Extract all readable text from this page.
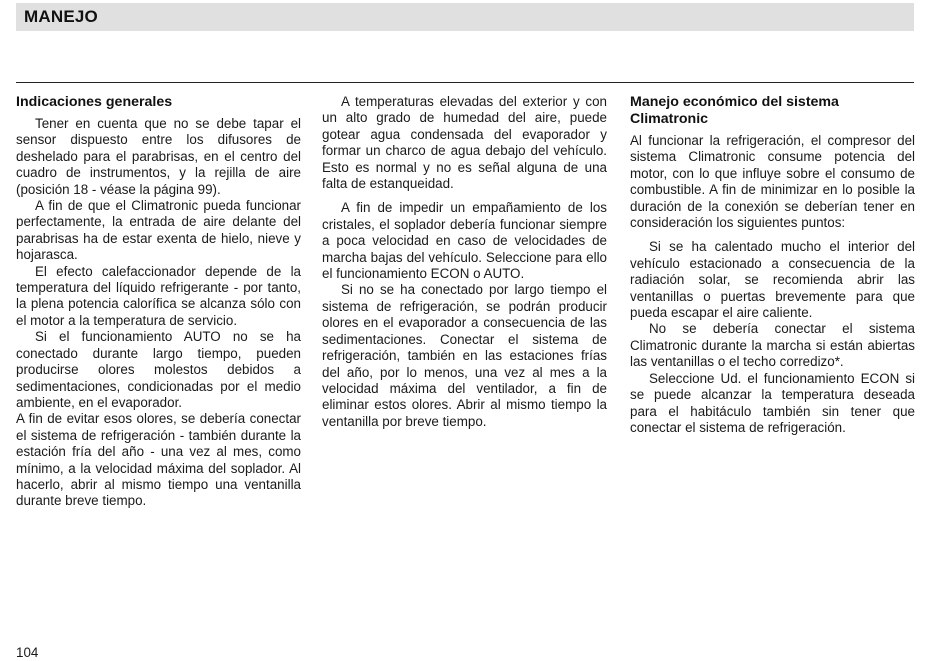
MANEJO
Indicaciones generales

Tener en cuenta que no se debe tapar el sensor dispuesto entre los difusores de deshelado para el parabrisas, en el centro del cuadro de instrumentos, y la rejilla de aire (posición 18 - véase la página 99).

A fin de que el Climatronic pueda funcionar perfectamente, la entrada de aire delante del parabrisas ha de estar exenta de hielo, nieve y hojarasca.

El efecto calefaccionador depende de la temperatura del líquido refrigerante - por tanto, la plena potencia calorífica se alcanza sólo con el motor a la temperatura de servicio.

Si el funcionamiento AUTO no se ha conectado durante largo tiempo, pueden producirse olores molestos debidos a sedimentaciones, condicionadas por el medio ambiente, en el evaporador.

A fin de evitar esos olores, se debería conectar el sistema de refrigeración - también durante la estación fría del año - una vez al mes, como mínimo, a la velocidad máxima del soplador. Al hacerlo, abrir al mismo tiempo una ventanilla durante breve tiempo.

A temperaturas elevadas del exterior y con un alto grado de humedad del aire, puede gotear agua condensada del evaporador y formar un charco de agua debajo del vehículo. Esto es normal y no es señal alguna de una falta de estanqueidad.

A fin de impedir un empañamiento de los cristales, el soplador debería funcionar siempre a poca velocidad en caso de velocidades de marcha bajas del vehículo. Seleccione para ello el funcionamiento ECON o AUTO.

Si no se ha conectado por largo tiempo el sistema de refrigeración, se podrán producir olores en el evaporador a consecuencia de las sedimentaciones. Conectar el sistema de refrigeración, también en las estaciones frías del año, por lo menos, una vez al mes a la velocidad máxima del ventilador, a fin de eliminar estos olores. Abrir al mismo tiempo la ventanilla por breve tiempo.

Manejo económico del sistema Climatronic

Al funcionar la refrigeración, el compresor del sistema Climatronic consume potencia del motor, con lo que influye sobre el consumo de combustible. A fin de minimizar en lo posible la duración de la conexión se deberían tener en consideración los siguientes puntos:

Si se ha calentado mucho el interior del vehículo estacionado a consecuencia de la radiación solar, se recomienda abrir las ventanillas o puertas brevemente para que pueda escapar el aire caliente.

No se debería conectar el sistema Climatronic durante la marcha si están abiertas las ventanillas o el techo corredizo*.

Seleccione Ud. el funcionamiento ECON si se puede alcanzar la temperatura deseada para el habitáculo también sin tener que conectar el sistema de refrigeración.

104
